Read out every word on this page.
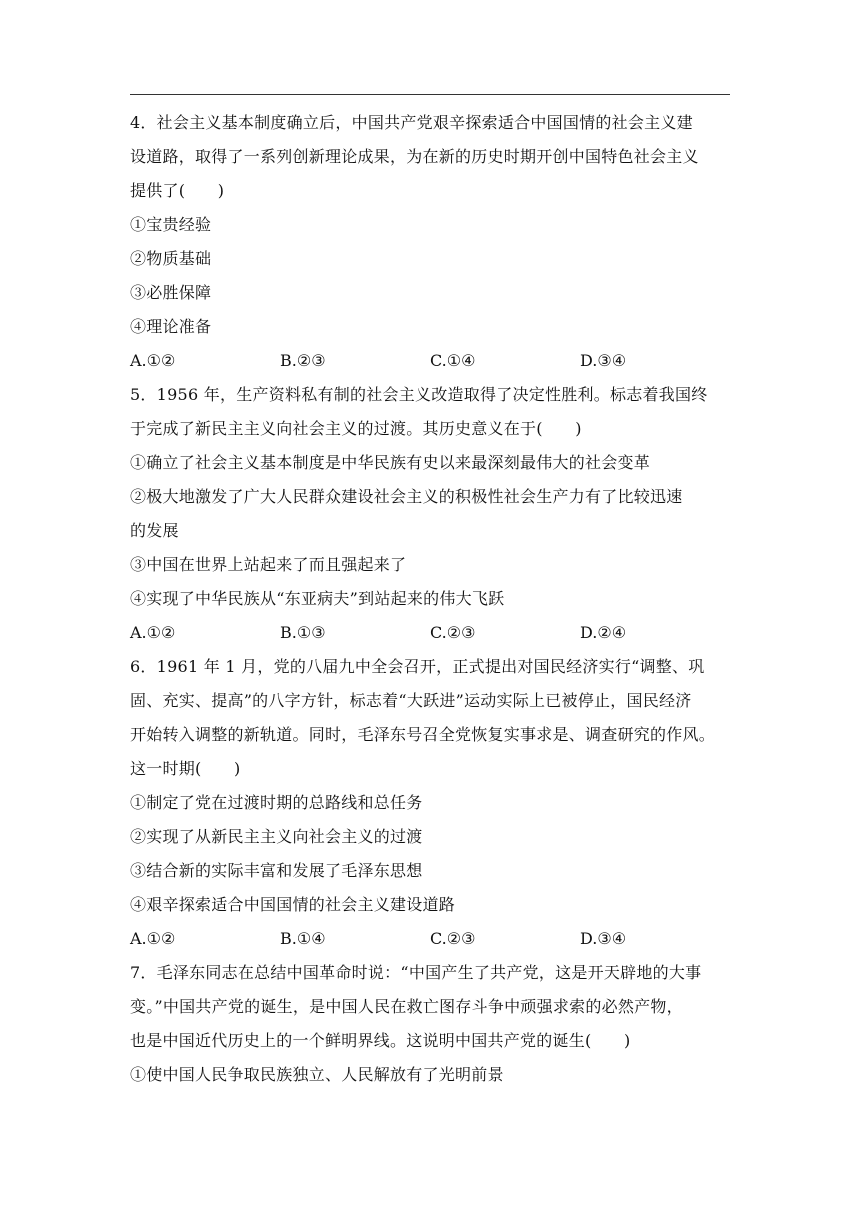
4．社会主义基本制度确立后，中国共产党艰辛探索适合中国国情的社会主义建
设道路，取得了一系列创新理论成果，为在新的历史时期开创中国特色社会主义
提供了(　　)
①宝贵经验
②物质基础
③必胜保障
④理论准备
A.①②	B.②③	C.①④	D.③④
5．1956 年，生产资料私有制的社会主义改造取得了决定性胜利。标志着我国终
于完成了新民主主义向社会主义的过渡。其历史意义在于(　　)
①确立了社会主义基本制度是中华民族有史以来最深刻最伟大的社会变革
②极大地激发了广大人民群众建设社会主义的积极性社会生产力有了比较迅速
的发展
③中国在世界上站起来了而且强起来了
④实现了中华民族从“东亚病夫”到站起来的伟大飞跃
A.①②	B.①③	C.②③	D.②④
6．1961 年 1 月，党的八届九中全会召开，正式提出对国民经济实行“调整、巩
固、充实、提高”的八字方针，标志着“大跃进”运动实际上已被停止，国民经济
开始转入调整的新轨道。同时，毛泽东号召全党恢复实事求是、调查研究的作风。
这一时期(　　)
①制定了党在过渡时期的总路线和总任务
②实现了从新民主主义向社会主义的过渡
③结合新的实际丰富和发展了毛泽东思想
④艰辛探索适合中国国情的社会主义建设道路
A.①②	B.①④	C.②③	D.③④
7．毛泽东同志在总结中国革命时说：“中国产生了共产党，这是开天辟地的大事
变。”中国共产党的诞生，是中国人民在救亡图存斗争中顽强求索的必然产物，
也是中国近代历史上的一个鲜明界线。这说明中国共产党的诞生(　　)
①使中国人民争取民族独立、人民解放有了光明前景
